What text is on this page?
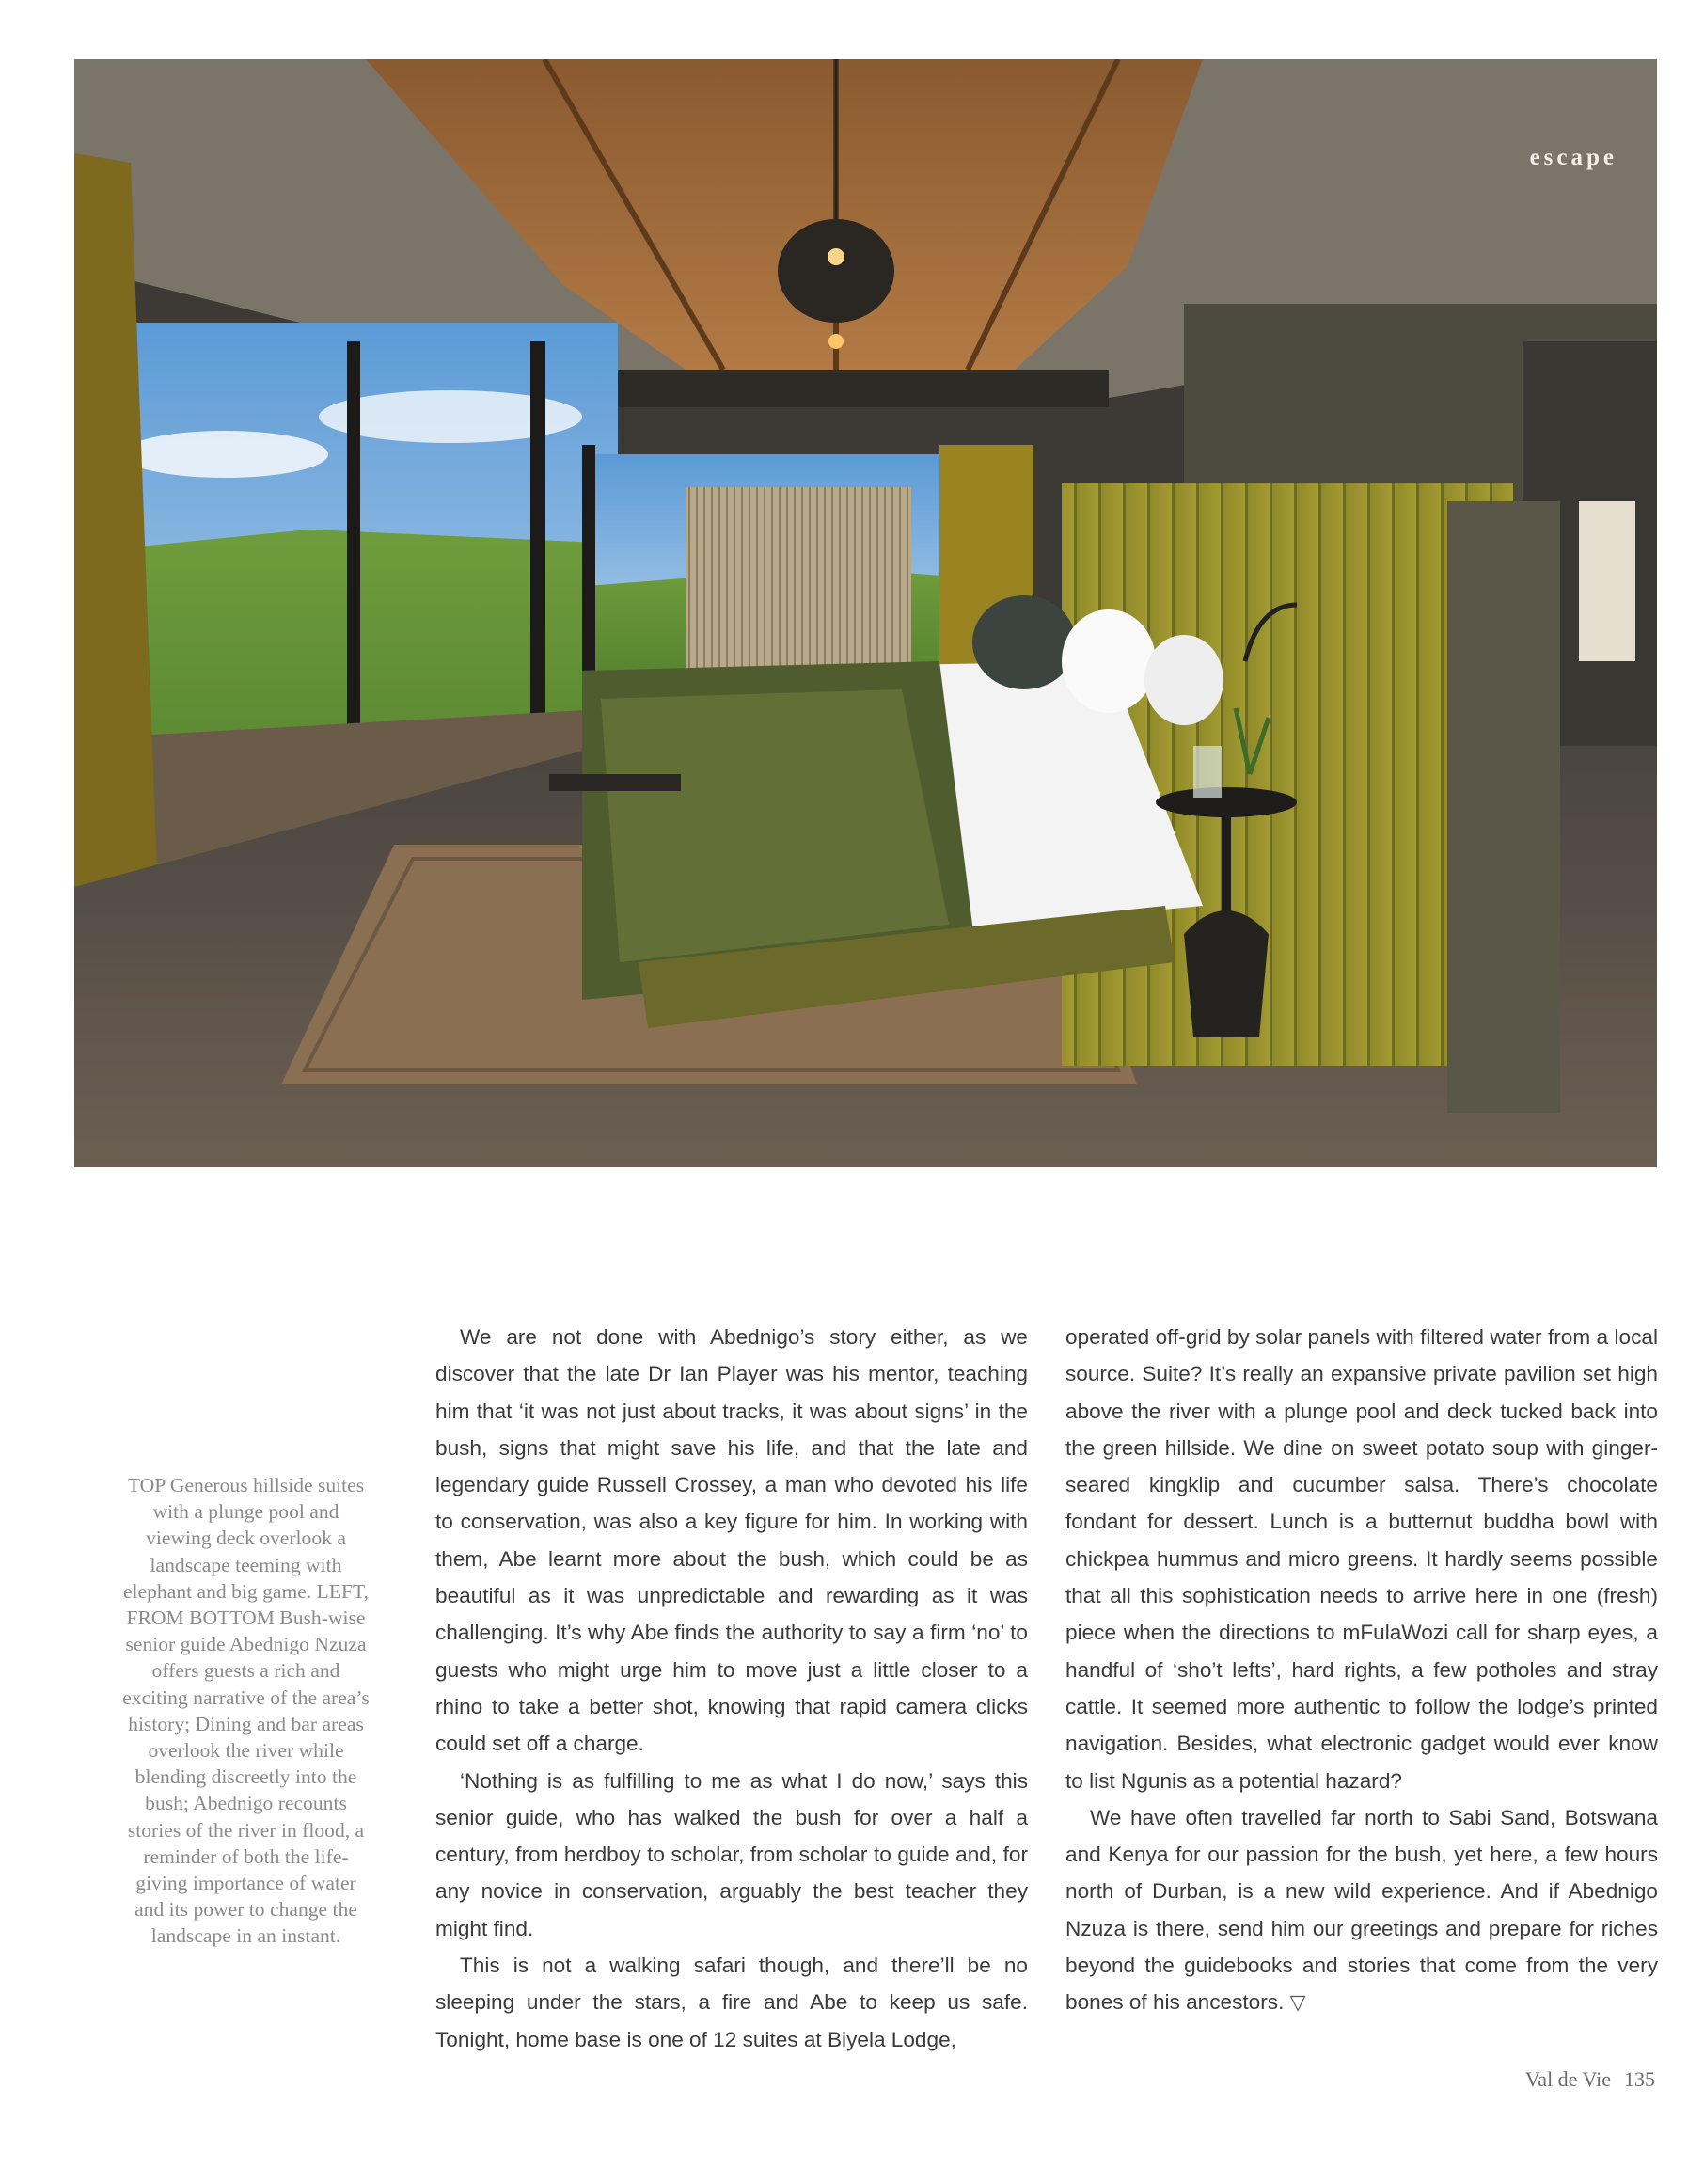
escape

TOP Generous hillside suites with a plunge pool and viewing deck overlook a landscape teeming with elephant and big game. LEFT, FROM BOTTOM Bush-wise senior guide Abednigo Nzuza offers guests a rich and exciting narrative of the area’s history; Dining and bar areas overlook the river while blending discreetly into the bush; Abednigo recounts stories of the river in flood, a reminder of both the life-giving importance of water and its power to change the landscape in an instant.

We are not done with Abednigo’s story either, as we discover that the late Dr Ian Player was his mentor, teaching him that ‘it was not just about tracks, it was about signs’ in the bush, signs that might save his life, and that the late and legendary guide Russell Crossey, a man who devoted his life to conservation, was also a key figure for him. In working with them, Abe learnt more about the bush, which could be as beautiful as it was unpredictable and rewarding as it was challenging. It’s why Abe finds the authority to say a firm ‘no’ to guests who might urge him to move just a little closer to a rhino to take a better shot, knowing that rapid camera clicks could set off a charge.

‘Nothing is as fulfilling to me as what I do now,’ says this senior guide, who has walked the bush for over a half a century, from herdboy to scholar, from scholar to guide and, for any novice in conservation, arguably the best teacher they might find.

This is not a walking safari though, and there’ll be no sleeping under the stars, a fire and Abe to keep us safe. Tonight, home base is one of 12 suites at Biyela Lodge,

operated off-grid by solar panels with filtered water from a local source. Suite? It’s really an expansive private pavilion set high above the river with a plunge pool and deck tucked back into the green hillside. We dine on sweet potato soup with ginger-seared kingklip and cucumber salsa. There’s chocolate fondant for dessert. Lunch is a butternut buddha bowl with chickpea hummus and micro greens. It hardly seems possible that all this sophistication needs to arrive here in one (fresh) piece when the directions to mFulaWozi call for sharp eyes, a handful of ‘sho’t lefts’, hard rights, a few potholes and stray cattle. It seemed more authentic to follow the lodge’s printed navigation. Besides, what electronic gadget would ever know to list Ngunis as a potential hazard?

We have often travelled far north to Sabi Sand, Botswana and Kenya for our passion for the bush, yet here, a few hours north of Durban, is a new wild experience. And if Abednigo Nzuza is there, send him our greetings and prepare for riches beyond the guidebooks and stories that come from the very bones of his ancestors. ▽

Val de Vie 135
